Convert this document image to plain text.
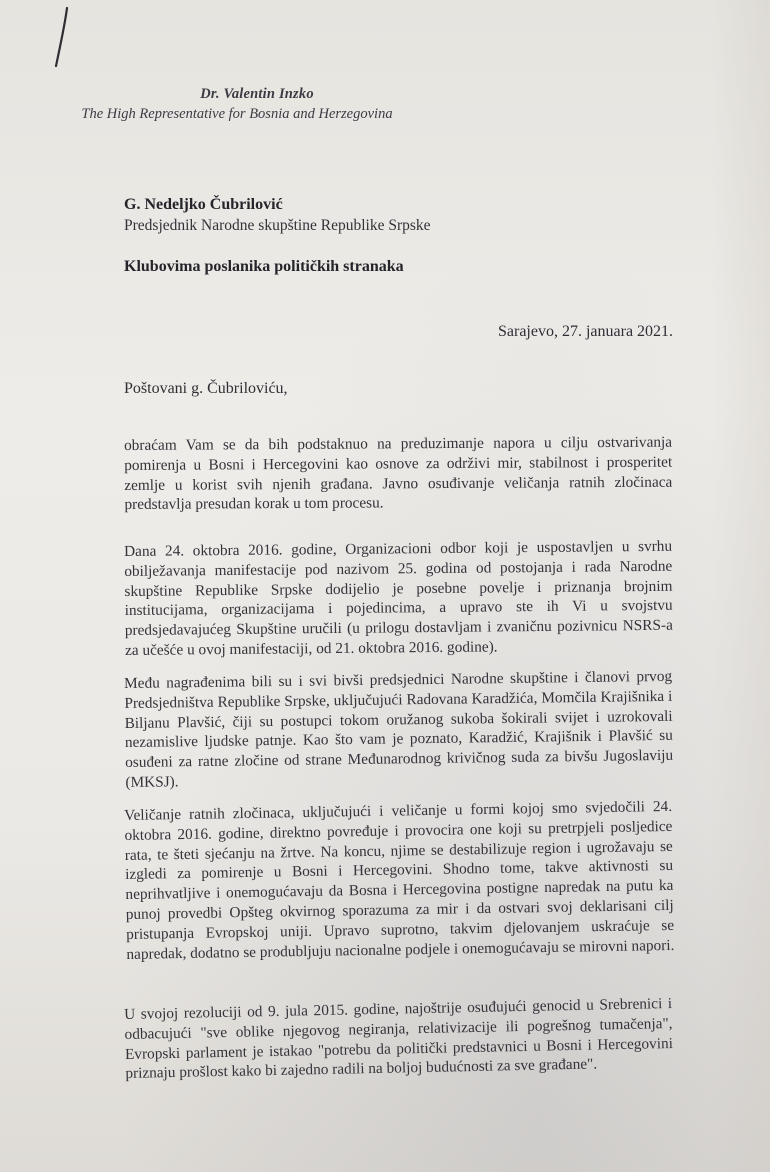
Dr. Valentin Inzko
The High Representative for Bosnia and Herzegovina
G. Nedeljko Čubrilović
Predsjednik Narodne skupštine Republike Srpske
Klubovima poslanika političkih stranaka
Sarajevo, 27. januara 2021.
Poštovani g. Čubriloviću,

obraćam Vam se da bih podstaknuo na preduzimanje napora u cilju ostvarivanja pomirenja u Bosni i Hercegovini kao osnove za održivi mir, stabilnost i prosperitet zemlje u korist svih njenih građana. Javno osuđivanje veličanja ratnih zločinaca predstavlja presudan korak u tom procesu.

Dana 24. oktobra 2016. godine, Organizacioni odbor koji je uspostavljen u svrhu obilježavanja manifestacije pod nazivom 25. godina od postojanja i rada Narodne skupštine Republike Srpske dodijelio je posebne povelje i priznanja brojnim institucijama, organizacijama i pojedincima, a upravo ste ih Vi u svojstvu predsjedavajućeg Skupštine uručili (u prilogu dostavljam i zvaničnu pozivnicu NSRS-a za učešće u ovoj manifestaciji, od 21. oktobra 2016. godine).

Među nagrađenima bili su i svi bivši predsjednici Narodne skupštine i članovi prvog Predsjedništva Republike Srpske, uključujući Radovana Karadžića, Momčila Krajišnika i Biljanu Plavšić, čiji su postupci tokom oružanog sukoba šokirali svijet i uzrokovali nezamislive ljudske patnje. Kao što vam je poznato, Karadžić, Krajišnik i Plavšić su osuđeni za ratne zločine od strane Međunarodnog krivičnog suda za bivšu Jugoslaviju (MKSJ).

Veličanje ratnih zločinaca, uključujući i veličanje u formi kojoj smo svjedočili 24. oktobra 2016. godine, direktno povređuje i provocira one koji su pretrpjeli posljedice rata, te šteti sjećanju na žrtve. Na koncu, njime se destabilizuje region i ugrožavaju se izgledi za pomirenje u Bosni i Hercegovini. Shodno tome, takve aktivnosti su neprihvatljive i onemogućavaju da Bosna i Hercegovina postigne napredak na putu ka punoj provedbi Opšteg okvirnog sporazuma za mir i da ostvari svoj deklarisani cilj pristupanja Evropskoj uniji. Upravo suprotno, takvim djelovanjem uskraćuje se napredak, dodatno se produbljuju nacionalne podjele i onemogućavaju se mirovni napori.

U svojoj rezoluciji od 9. jula 2015. godine, najoštrije osuđujući genocid u Srebrenici i odbacujući "sve oblike njegovog negiranja, relativizacije ili pogrešnog tumačenja", Evropski parlament je istakao "potrebu da politički predstavnici u Bosni i Hercegovini priznaju prošlost kako bi zajedno radili na boljoj budućnosti za sve građane".
